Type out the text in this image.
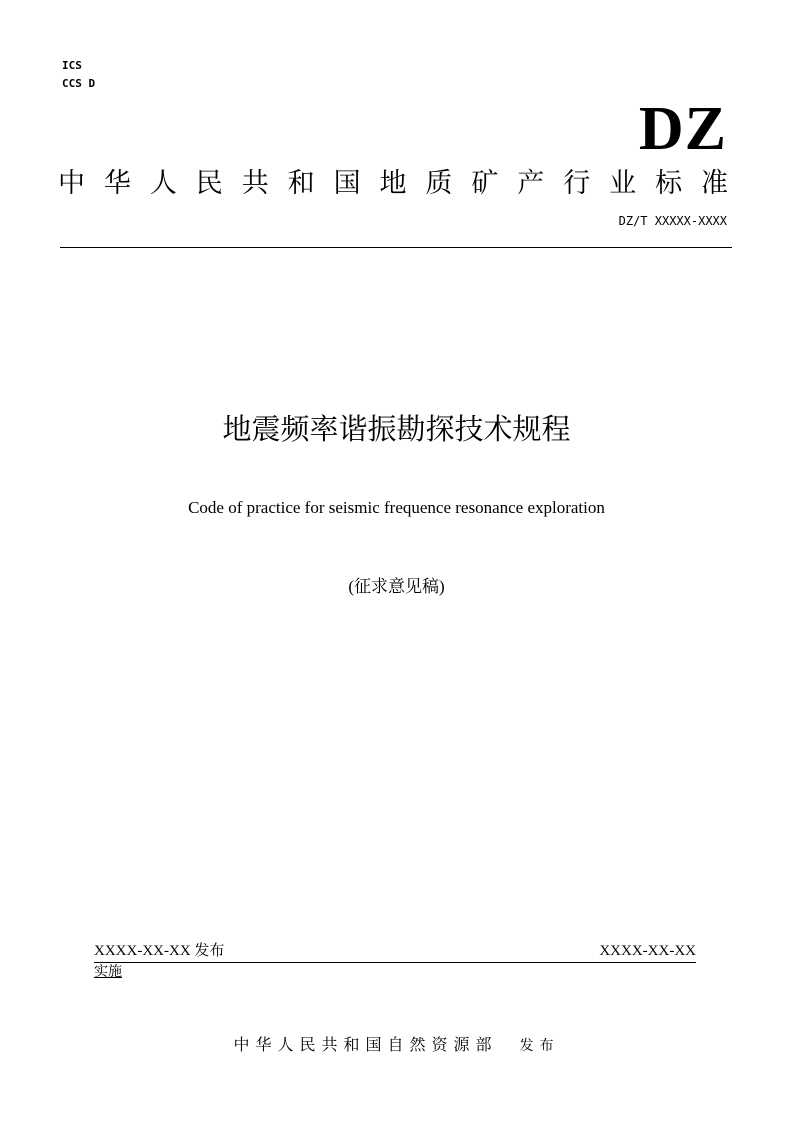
ICS
CCS D
DZ
中 华 人 民 共 和 国 地 质 矿 产 行 业 标 准
DZ/T XXXXX-XXXX
地震频率谐振勘探技术规程
Code of practice for seismic frequence resonance exploration
(征求意见稿)
XXXX-XX-XX 发布	XXXX-XX-XX
实施
中华人民共和国自然资源部 发布
